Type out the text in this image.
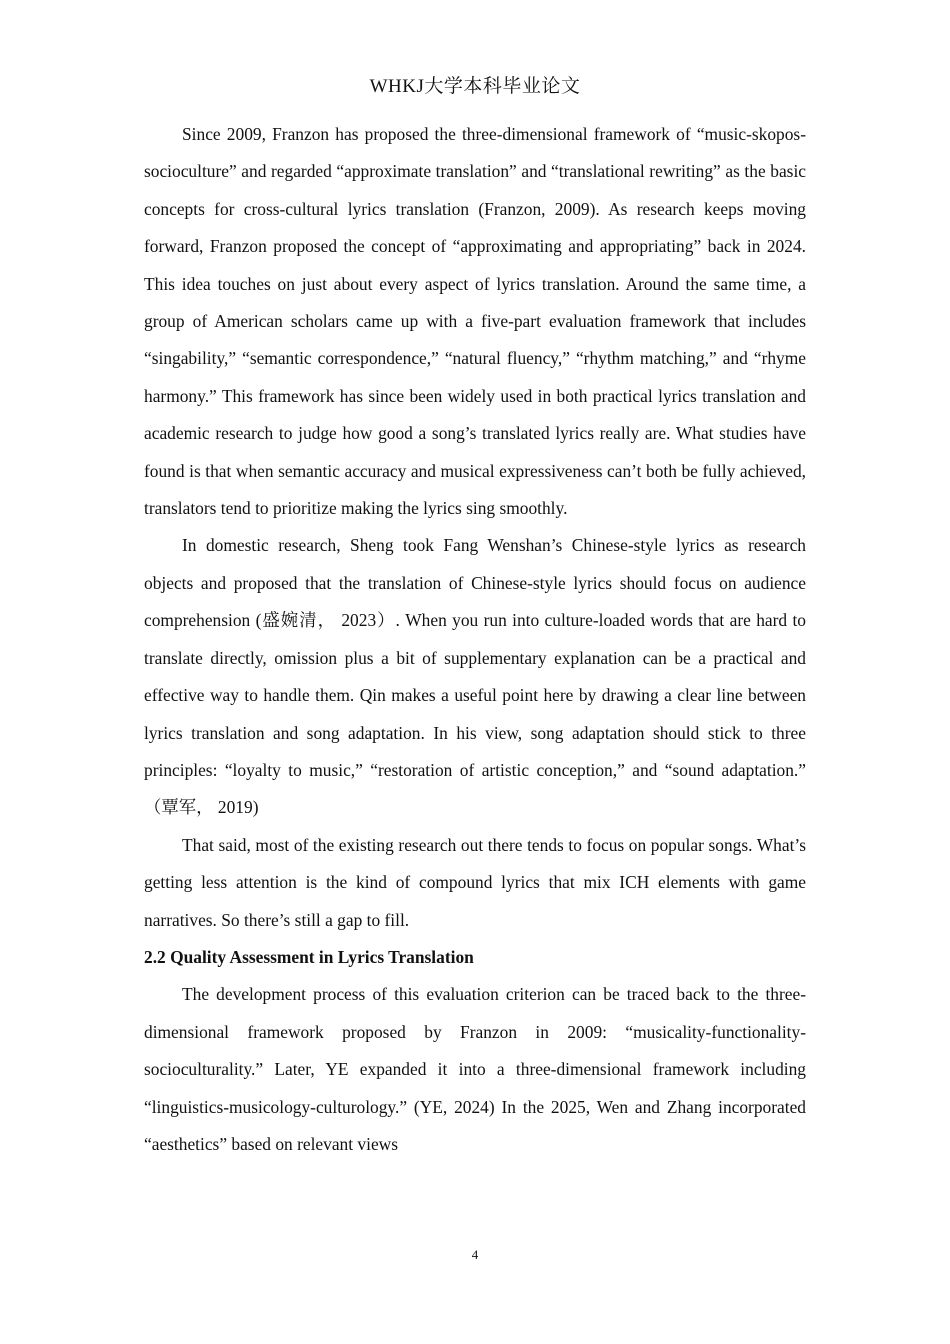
WHKJ大学本科毕业论文

Since 2009, Franzon has proposed the three-dimensional framework of “music-skopos-socioculture” and regarded “approximate translation” and “translational rewriting” as the basic concepts for cross-cultural lyrics translation (Franzon, 2009). As research keeps moving forward, Franzon proposed the concept of “approximating and appropriating” back in 2024. This idea touches on just about every aspect of lyrics translation. Around the same time, a group of American scholars came up with a five-part evaluation framework that includes “singability,” “semantic correspondence,” “natural fluency,” “rhythm matching,” and “rhyme harmony.” This framework has since been widely used in both practical lyrics translation and academic research to judge how good a song’s translated lyrics really are. What studies have found is that when semantic accuracy and musical expressiveness can’t both be fully achieved, translators tend to prioritize making the lyrics sing smoothly.

In domestic research, Sheng took Fang Wenshan’s Chinese-style lyrics as research objects and proposed that the translation of Chinese-style lyrics should focus on audience comprehension (盛婉清， 2023）. When you run into culture-loaded words that are hard to translate directly, omission plus a bit of supplementary explanation can be a practical and effective way to handle them. Qin makes a useful point here by drawing a clear line between lyrics translation and song adaptation. In his view, song adaptation should stick to three principles: “loyalty to music,” “restoration of artistic conception,” and “sound adaptation.” （覃军， 2019)

That said, most of the existing research out there tends to focus on popular songs. What’s getting less attention is the kind of compound lyrics that mix ICH elements with game narratives. So there’s still a gap to fill.

2.2 Quality Assessment in Lyrics Translation

The development process of this evaluation criterion can be traced back to the three-dimensional framework proposed by Franzon in 2009: “musicality-functionality-socioculturality.” Later, YE expanded it into a three-dimensional framework including “linguistics-musicology-culturology.” (YE, 2024) In the 2025, Wen and Zhang incorporated “aesthetics” based on relevant views

4
